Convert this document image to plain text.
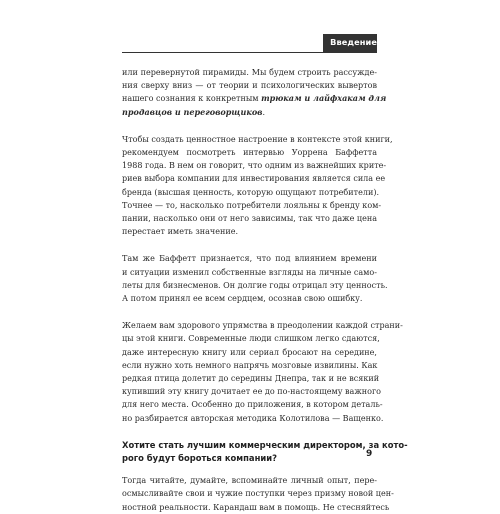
Введение

или перевернутой пирамиды. Мы будем строить рассужде-
ния сверху вниз — от теории и психологических вывертов
нашего сознания к конкретным трюкам и лайфхакам для
продавцов и переговорщиков.

Чтобы создать ценностное настроение в контексте этой книги,
рекомендуем посмотреть интервью Уоррена Баффетта
1988 года. В нем он говорит, что одним из важнейших крите-
риев выбора компании для инвестирования является сила ее
бренда (высшая ценность, которую ощущают потребители).
Точнее — то, насколько потребители лояльны к бренду ком-
пании, насколько они от него зависимы, так что даже цена
перестает иметь значение.

Там же Баффетт признается, что под влиянием времени
и ситуации изменил собственные взгляды на личные само-
леты для бизнесменов. Он долгие годы отрицал эту ценность.
А потом принял ее всем сердцем, осознав свою ошибку.

Желаем вам здорового упрямства в преодолении каждой страни-
цы этой книги. Современные люди слишком легко сдаются,
даже интересную книгу или сериал бросают на середине,
если нужно хоть немного напрячь мозговые извилины. Как
редкая птица долетит до середины Днепра, так и не всякий
купивший эту книгу дочитает ее до по-настоящему важного
для него места. Особенно до приложения, в котором деталь-
но разбирается авторская методика Колотилова — Ващенко.

Хотите стать лучшим коммерческим директором, за кото-
рого будут бороться компании?

Тогда читайте, думайте, вспоминайте личный опыт, пере-
осмысливайте свои и чужие поступки через призму новой цен-
ностной реальности. Карандаш вам в помощь. Не стесняйтесь

9
